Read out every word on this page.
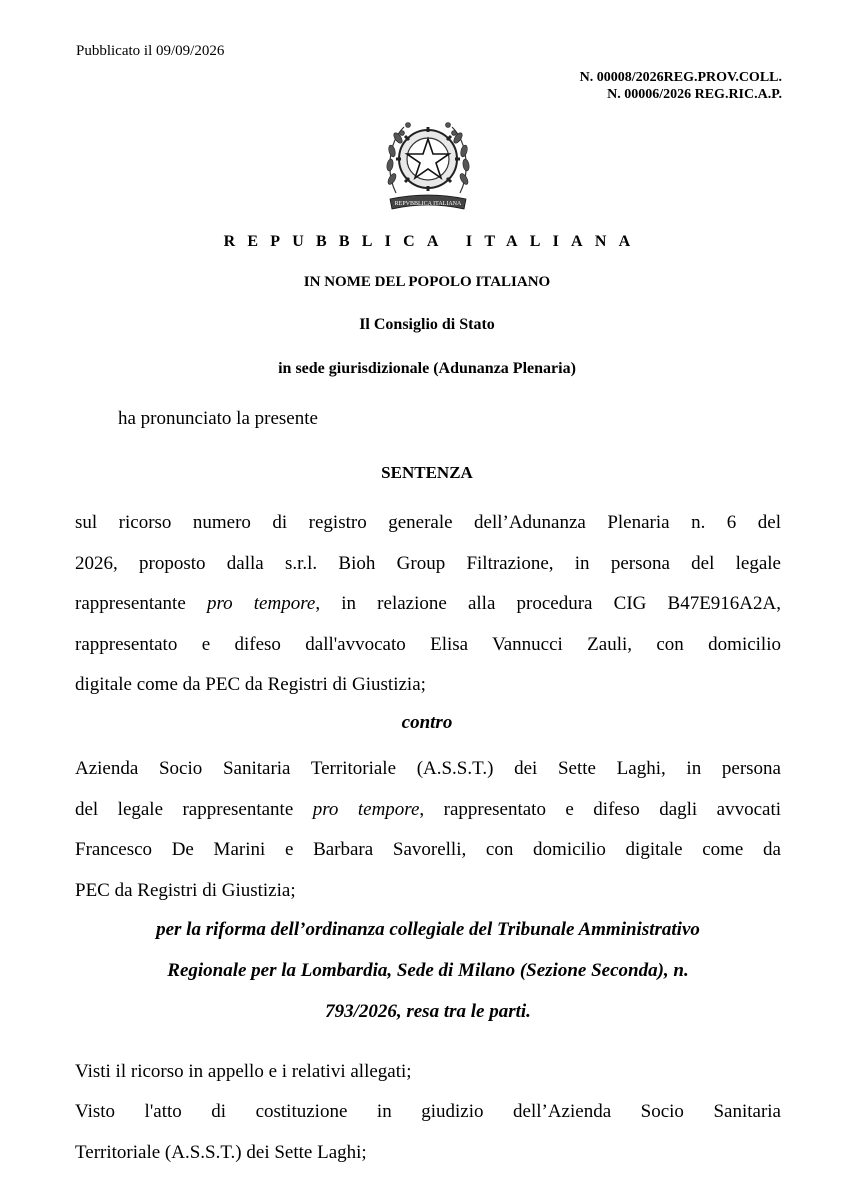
Pubblicato il 09/09/2026
N. 00008/2026REG.PROV.COLL.
N. 00006/2026 REG.RIC.A.P.
REPVBBLICA ITALIANA
REPUBBLICA ITALIANA
IN NOME DEL POPOLO ITALIANO
Il Consiglio di Stato
in sede giurisdizionale (Adunanza Plenaria)
ha pronunciato la presente
SENTENZA
sul ricorso numero di registro generale dell’Adunanza Plenaria n. 6 del
2026, proposto dalla s.r.l. Bioh Group Filtrazione, in persona del legale
rappresentante pro tempore, in relazione alla procedura CIG B47E916A2A,
rappresentato e difeso dall'avvocato Elisa Vannucci Zauli, con domicilio
digitale come da PEC da Registri di Giustizia;
contro
Azienda Socio Sanitaria Territoriale (A.S.S.T.) dei Sette Laghi, in persona
del legale rappresentante pro tempore, rappresentato e difeso dagli avvocati
Francesco De Marini e Barbara Savorelli, con domicilio digitale come da
PEC da Registri di Giustizia;
per la riforma dell’ordinanza collegiale del Tribunale Amministrativo
Regionale per la Lombardia, Sede di Milano (Sezione Seconda), n.
793/2026, resa tra le parti.
Visti il ricorso in appello e i relativi allegati;
Visto l'atto di costituzione in giudizio dell’Azienda Socio Sanitaria
Territoriale (A.S.S.T.) dei Sette Laghi;
